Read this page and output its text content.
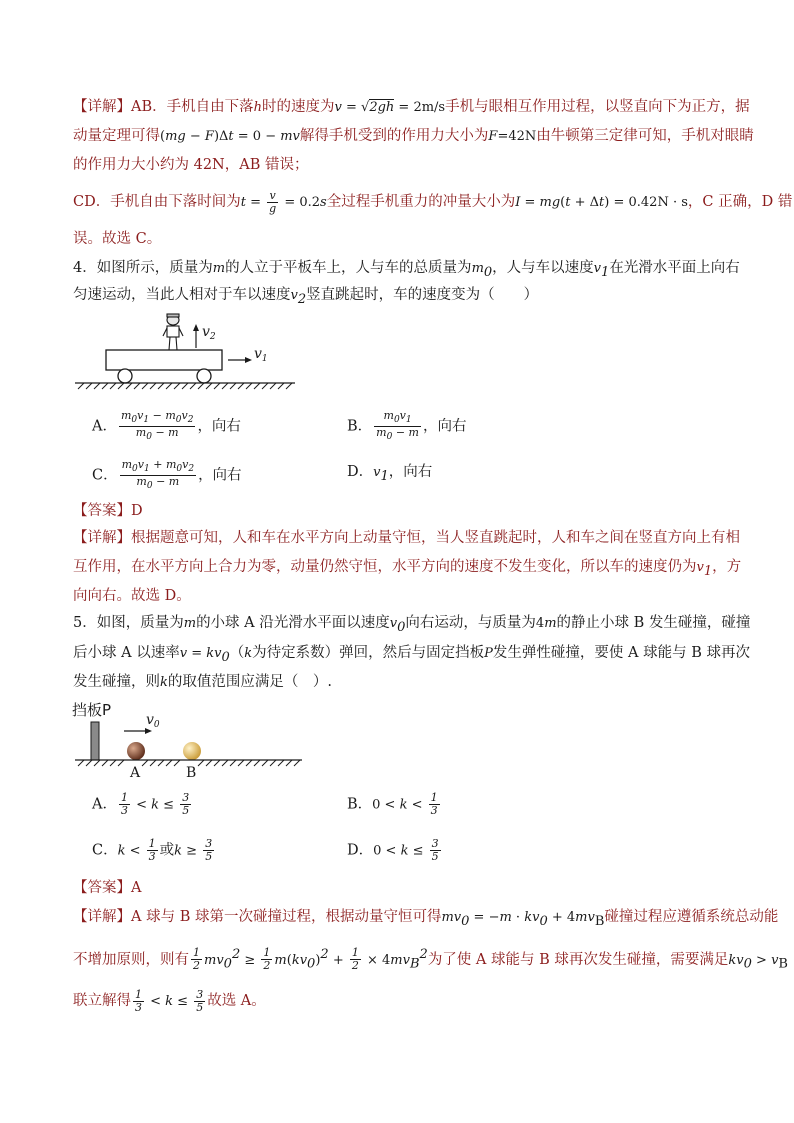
【详解】AB．手机自由下落h时的速度为v = √2gh = 2m/s手机与眼相互作用过程，以竖直向下为正方，据
动量定理可得(mg − F)Δt = 0 − mv解得手机受到的作用力大小为F=42N由牛顿第三定律可知，手机对眼睛
的作用力大小约为 42N，AB 错误；
CD．手机自由下落时间为$t = \frac{v}{g} = 0.2s$全过程手机重力的冲量大小为I = mg(t + Δt) = 0.42N · s，C 正确，D 错
误。故选 C。
4．如图所示，质量为m的人立于平板车上，人与车的总质量为$m_0$，人与车以速度$v_1$在光滑水平面上向右
匀速运动，当此人相对于车以速度$v_2$竖直跳起时，车的速度变为（　　）
$v_2$
$v_1$
A． $\frac{m_0v_1 - m_0v_2}{m_0 - m}$ ，向右	B． $\frac{m_0v_1}{m_0 - m}$ ，向右
C． $\frac{m_0v_1 + m_0v_2}{m_0 - m}$ ，向右	D．$v_1$，向右
【答案】D
【详解】根据题意可知，人和车在水平方向上动量守恒，当人竖直跳起时，人和车之间在竖直方向上有相
互作用，在水平方向上合力为零，动量仍然守恒，水平方向的速度不发生变化，所以车的速度仍为$v_1$，方
向向右。故选 D。
5．如图，质量为m的小球 A 沿光滑水平面以速度$v_0$向右运动，与质量为4m的静止小球 B 发生碰撞，碰撞
后小球 A 以速率$v = kv_0(k$为待定系数）弹回，然后与固定挡板P发生弹性碰撞，要使 A 球能与 B 球再次
发生碰撞，则k的取值范围应满足（　）.
挡板P
$v_0$
A	B
A． $\frac{1}{3} < k \le \frac{3}{5}$	B．$0 < k < \frac{1}{3}$
C．$k < \frac{1}{3}$ 或$k \ge \frac{3}{5}$	D．$0 < k \le \frac{3}{5}$
【答案】A
【详解】A 球与 B 球第一次碰撞过程，根据动量守恒可得$mv_0 = -m \cdot kv_0 + 4mv_B$碰撞过程应遵循系统总动能
不增加原则，则有 $\frac{1}{2} mv_0^2 \ge \frac{1}{2} m(kv_0)^2 + \frac{1}{2} \times 4mv_B^2$为了使 A 球能与 B 球再次发生碰撞，需要满足$kv_0 > v_B$
联立解得 $\frac{1}{3} < k \le \frac{3}{5}$ 故选 A。
